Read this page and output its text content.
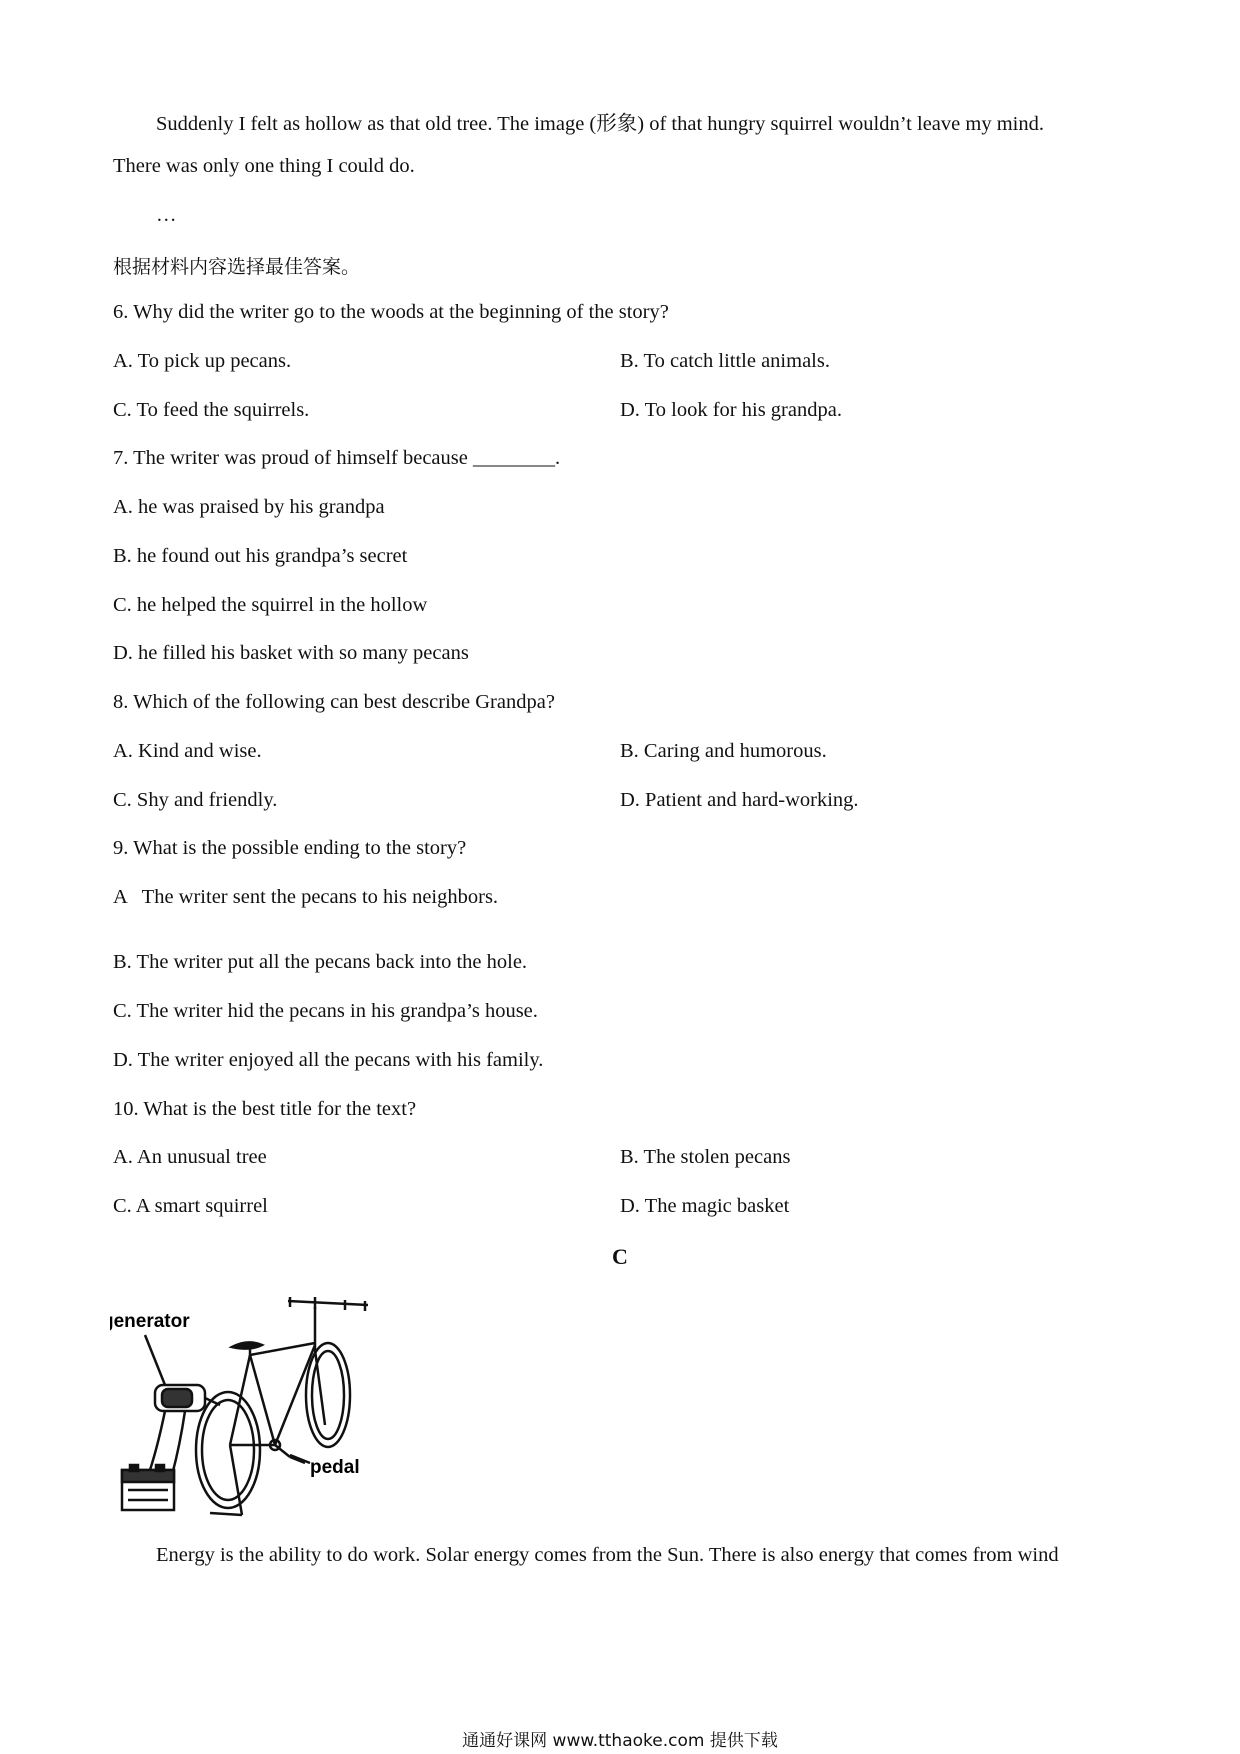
Suddenly I felt as hollow as that old tree. The image (形象) of that hungry squirrel wouldn’t leave my mind.
There was only one thing I could do.
…
根据材料内容选择最佳答案。
6. Why did the writer go to the woods at the beginning of the story?
A. To pick up pecans.	B. To catch little animals.
C. To feed the squirrels.	D. To look for his grandpa.
7. The writer was proud of himself because ________.
A. he was praised by his grandpa
B. he found out his grandpa’s secret
C. he helped the squirrel in the hollow
D. he filled his basket with so many pecans
8. Which of the following can best describe Grandpa?
A. Kind and wise.	B. Caring and humorous.
C. Shy and friendly.	D. Patient and hard-working.
9. What is the possible ending to the story?
A   The writer sent the pecans to his neighbors.
B. The writer put all the pecans back into the hole.
C. The writer hid the pecans in his grandpa’s house.
D. The writer enjoyed all the pecans with his family.
10. What is the best title for the text?
A. An unusual tree	B. The stolen pecans
C. A smart squirrel	D. The magic basket
C
generator
pedal
Energy is the ability to do work. Solar energy comes from the Sun. There is also energy that comes from wind
通通好课网 www.tthaoke.com 提供下载
